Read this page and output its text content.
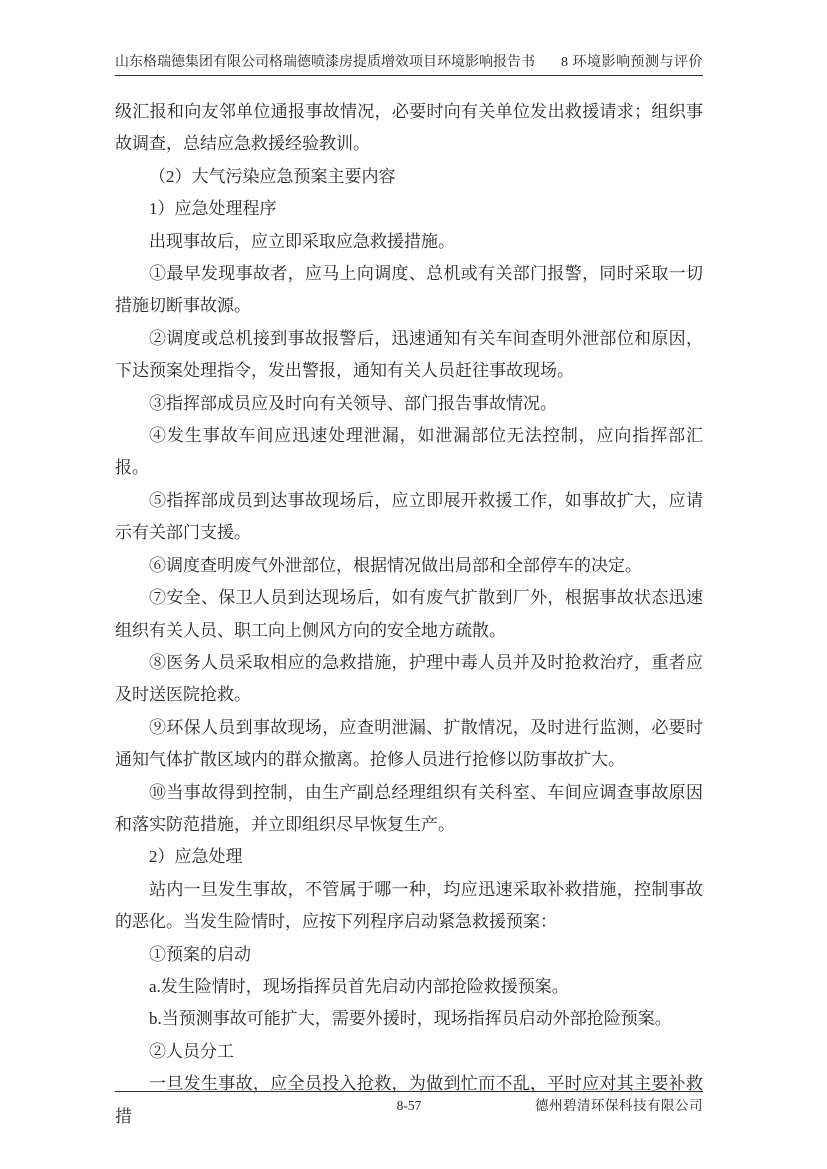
山东格瑞德集团有限公司格瑞德喷漆房提质增效项目环境影响报告书 8 环境影响预测与评价

级汇报和向友邻单位通报事故情况，必要时向有关单位发出救援请求；组织事故调查，总结应急救援经验教训。

（2）大气污染应急预案主要内容

1）应急处理程序

出现事故后，应立即采取应急救援措施。

①最早发现事故者，应马上向调度、总机或有关部门报警，同时采取一切措施切断事故源。

②调度或总机接到事故报警后，迅速通知有关车间查明外泄部位和原因，下达预案处理指令，发出警报，通知有关人员赶往事故现场。

③指挥部成员应及时向有关领导、部门报告事故情况。

④发生事故车间应迅速处理泄漏，如泄漏部位无法控制，应向指挥部汇报。

⑤指挥部成员到达事故现场后，应立即展开救援工作，如事故扩大，应请示有关部门支援。

⑥调度查明废气外泄部位，根据情况做出局部和全部停车的决定。

⑦安全、保卫人员到达现场后，如有废气扩散到厂外，根据事故状态迅速组织有关人员、职工向上侧风方向的安全地方疏散。

⑧医务人员采取相应的急救措施，护理中毒人员并及时抢救治疗，重者应及时送医院抢救。

⑨环保人员到事故现场，应查明泄漏、扩散情况，及时进行监测，必要时通知气体扩散区域内的群众撤离。抢修人员进行抢修以防事故扩大。

⑩当事故得到控制，由生产副总经理组织有关科室、车间应调查事故原因和落实防范措施，并立即组织尽早恢复生产。

2）应急处理

站内一旦发生事故，不管属于哪一种，均应迅速采取补救措施，控制事故的恶化。当发生险情时，应按下列程序启动紧急救援预案：

①预案的启动

a.发生险情时，现场指挥员首先启动内部抢险救援预案。

b.当预测事故可能扩大，需要外援时，现场指挥员启动外部抢险预案。

②人员分工

一旦发生事故，应全员投入抢救，为做到忙而不乱，平时应对其主要补救措

8-57	德州碧清环保科技有限公司
